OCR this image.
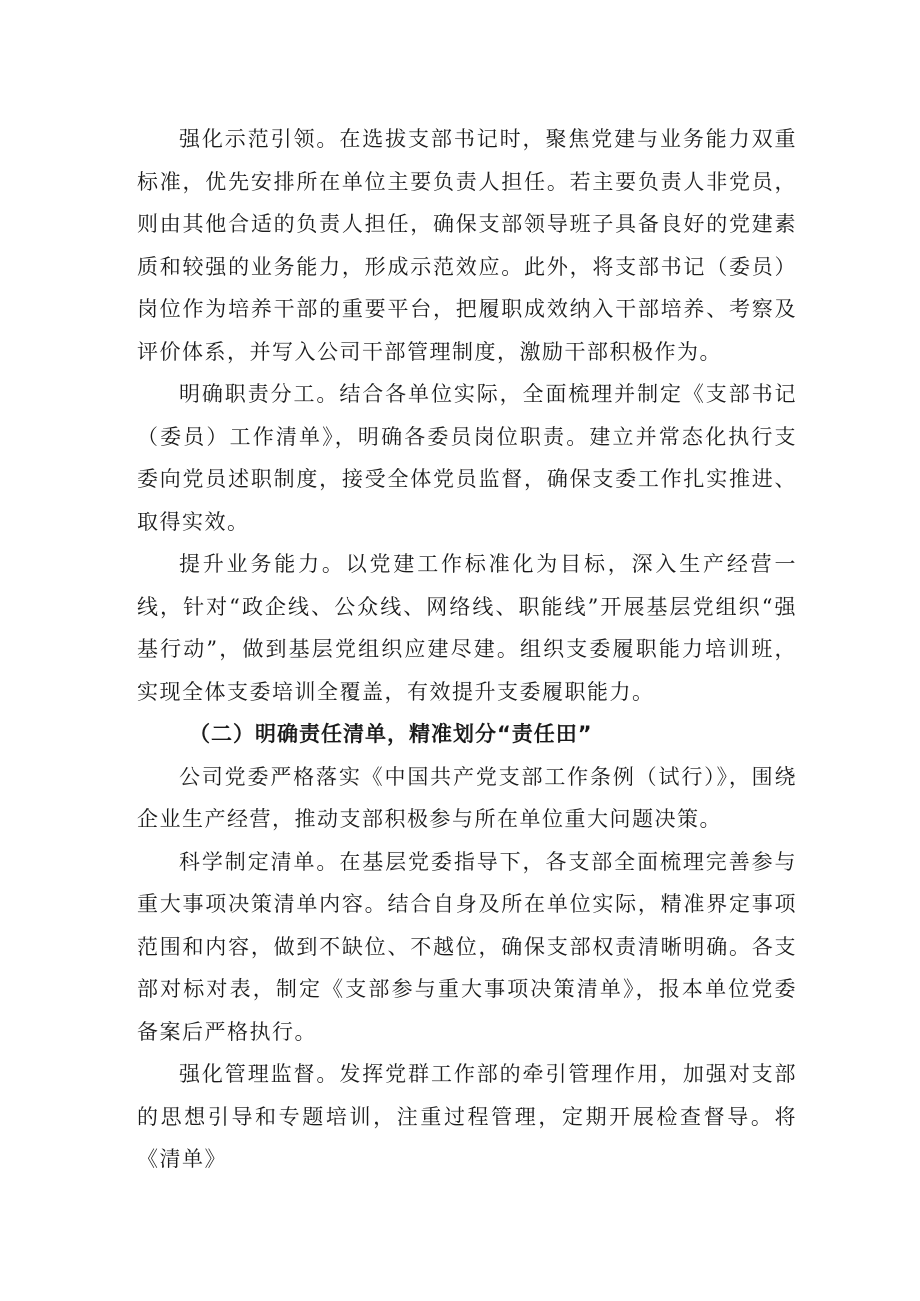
强化示范引领。在选拔支部书记时，聚焦党建与业务能力双重标准，优先安排所在单位主要负责人担任。若主要负责人非党员，则由其他合适的负责人担任，确保支部领导班子具备良好的党建素质和较强的业务能力，形成示范效应。此外，将支部书记（委员）岗位作为培养干部的重要平台，把履职成效纳入干部培养、考察及评价体系，并写入公司干部管理制度，激励干部积极作为。

明确职责分工。结合各单位实际，全面梳理并制定《支部书记（委员）工作清单》，明确各委员岗位职责。建立并常态化执行支委向党员述职制度，接受全体党员监督，确保支委工作扎实推进、取得实效。

提升业务能力。以党建工作标准化为目标，深入生产经营一线，针对“政企线、公众线、网络线、职能线”开展基层党组织“强基行动”，做到基层党组织应建尽建。组织支委履职能力培训班，实现全体支委培训全覆盖，有效提升支委履职能力。

（二）明确责任清单，精准划分“责任田”

公司党委严格落实《中国共产党支部工作条例（试行）》，围绕企业生产经营，推动支部积极参与所在单位重大问题决策。

科学制定清单。在基层党委指导下，各支部全面梳理完善参与重大事项决策清单内容。结合自身及所在单位实际，精准界定事项范围和内容，做到不缺位、不越位，确保支部权责清晰明确。各支部对标对表，制定《支部参与重大事项决策清单》，报本单位党委备案后严格执行。

强化管理监督。发挥党群工作部的牵引管理作用，加强对支部的思想引导和专题培训，注重过程管理，定期开展检查督导。将《清单》
